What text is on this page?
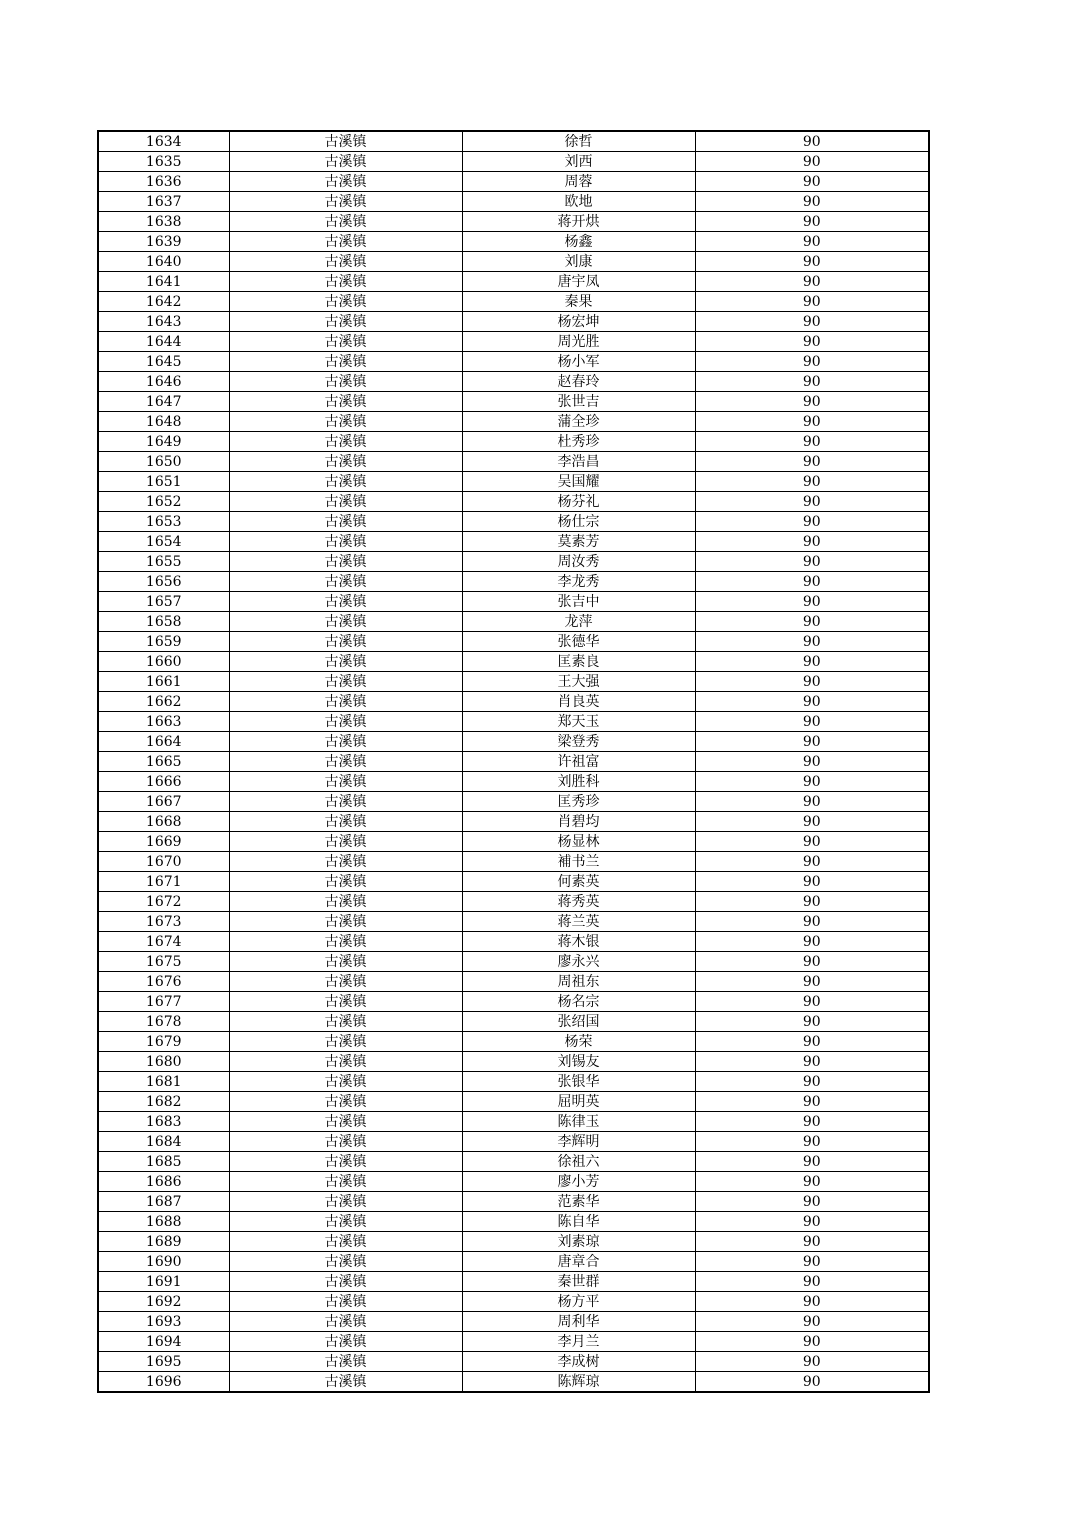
1634	古溪镇	徐哲	90
1635	古溪镇	刘西	90
1636	古溪镇	周蓉	90
1637	古溪镇	欧地	90
1638	古溪镇	蒋开烘	90
1639	古溪镇	杨鑫	90
1640	古溪镇	刘康	90
1641	古溪镇	唐宇凤	90
1642	古溪镇	秦果	90
1643	古溪镇	杨宏坤	90
1644	古溪镇	周光胜	90
1645	古溪镇	杨小军	90
1646	古溪镇	赵春玲	90
1647	古溪镇	张世吉	90
1648	古溪镇	蒲全珍	90
1649	古溪镇	杜秀珍	90
1650	古溪镇	李浩昌	90
1651	古溪镇	吴国耀	90
1652	古溪镇	杨芬礼	90
1653	古溪镇	杨仕宗	90
1654	古溪镇	莫素芳	90
1655	古溪镇	周汝秀	90
1656	古溪镇	李龙秀	90
1657	古溪镇	张吉中	90
1658	古溪镇	龙萍	90
1659	古溪镇	张德华	90
1660	古溪镇	匡素良	90
1661	古溪镇	王大强	90
1662	古溪镇	肖良英	90
1663	古溪镇	郑天玉	90
1664	古溪镇	梁登秀	90
1665	古溪镇	许祖富	90
1666	古溪镇	刘胜科	90
1667	古溪镇	匡秀珍	90
1668	古溪镇	肖碧均	90
1669	古溪镇	杨显林	90
1670	古溪镇	補书兰	90
1671	古溪镇	何素英	90
1672	古溪镇	蒋秀英	90
1673	古溪镇	蒋兰英	90
1674	古溪镇	蒋木银	90
1675	古溪镇	廖永兴	90
1676	古溪镇	周祖东	90
1677	古溪镇	杨名宗	90
1678	古溪镇	张绍国	90
1679	古溪镇	杨荣	90
1680	古溪镇	刘锡友	90
1681	古溪镇	张银华	90
1682	古溪镇	屈明英	90
1683	古溪镇	陈律玉	90
1684	古溪镇	李辉明	90
1685	古溪镇	徐祖六	90
1686	古溪镇	廖小芳	90
1687	古溪镇	范素华	90
1688	古溪镇	陈自华	90
1689	古溪镇	刘素琼	90
1690	古溪镇	唐章合	90
1691	古溪镇	秦世群	90
1692	古溪镇	杨方平	90
1693	古溪镇	周利华	90
1694	古溪镇	李月兰	90
1695	古溪镇	李成树	90
1696	古溪镇	陈辉琼	90
